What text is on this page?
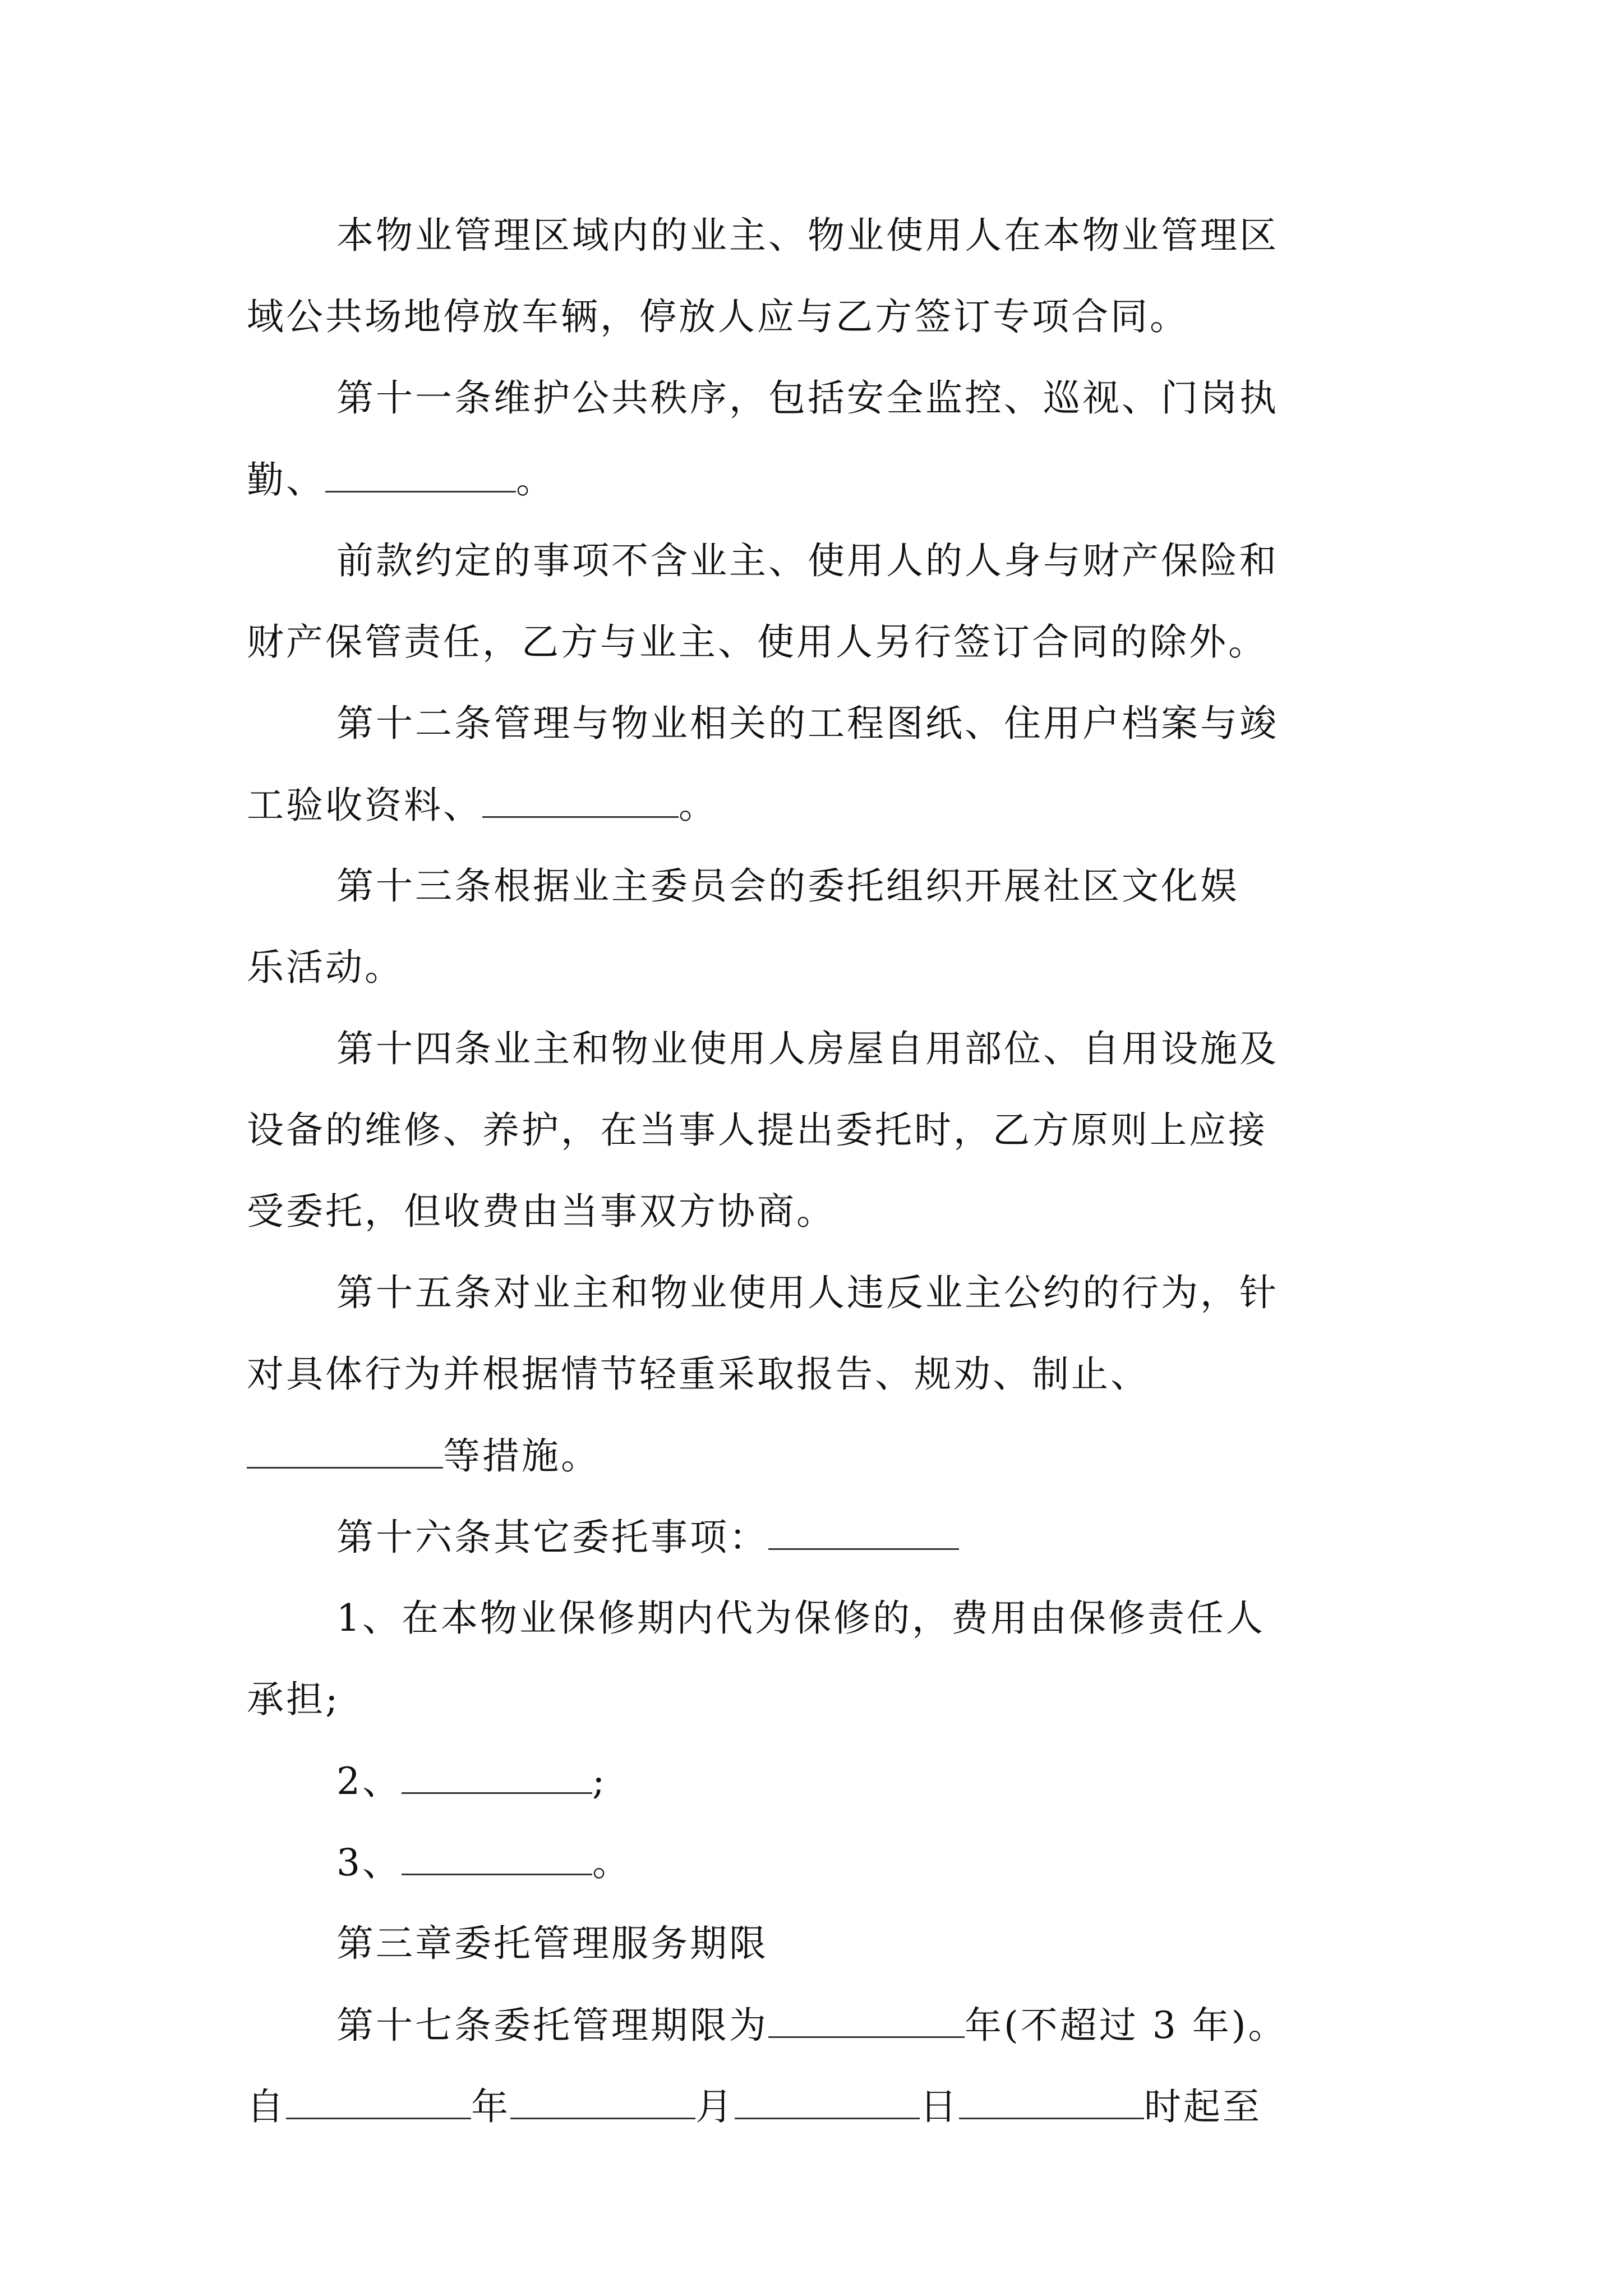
本物业管理区域内的业主、物业使用人在本物业管理区
域公共场地停放车辆，停放人应与乙方签订专项合同。
第十一条维护公共秩序，包括安全监控、巡视、门岗执
勤、	。
前款约定的事项不含业主、使用人的人身与财产保险和
财产保管责任，乙方与业主、使用人另行签订合同的除外。
第十二条管理与物业相关的工程图纸、住用户档案与竣
工验收资料、	。
第十三条根据业主委员会的委托组织开展社区文化娱
乐活动。
第十四条业主和物业使用人房屋自用部位、自用设施及
设备的维修、养护，在当事人提出委托时，乙方原则上应接
受委托，但收费由当事双方协商。
第十五条对业主和物业使用人违反业主公约的行为，针
对具体行为并根据情节轻重采取报告、规劝、制止、
等措施。
第十六条其它委托事项：
1、在本物业保修期内代为保修的，费用由保修责任人
承担;
2、	;
3、	。
第三章委托管理服务期限
第十七条委托管理期限为	年(不超过 3 年)。
自	年	月	日	时起至
